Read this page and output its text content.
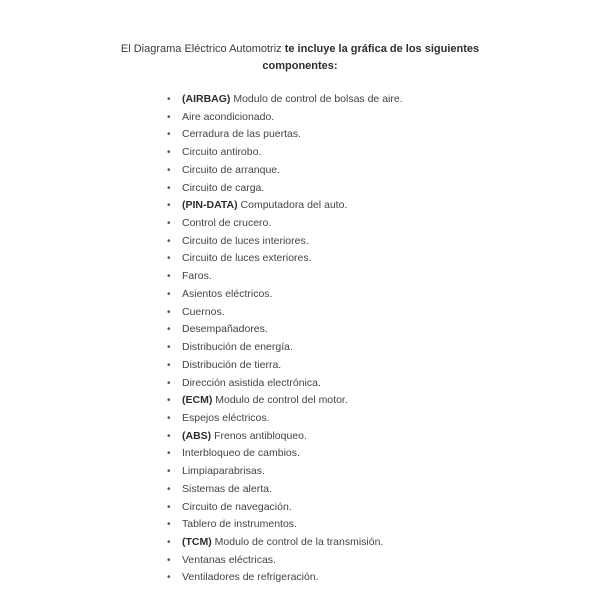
El Diagrama Eléctrico Automotriz te incluye la gráfica de los siguientes componentes:
• (AIRBAG) Modulo de control de bolsas de aire.
• Aire acondicionado.
• Cerradura de las puertas.
• Circuito antirobo.
• Circuito de arranque.
• Circuito de carga.
• (PIN-DATA) Computadora del auto.
• Control de crucero.
• Circuito de luces interiores.
• Circuito de luces exteriores.
• Faros.
• Asientos eléctricos.
• Cuernos.
• Desempañadores.
• Distribución de energía.
• Distribución de tierra.
• Dirección asistida electrónica.
• (ECM) Modulo de control del motor.
• Espejos eléctricos.
• (ABS) Frenos antibloqueo.
• Interbloqueo de cambios.
• Limpiaparabrisas.
• Sistemas de alerta.
• Circuito de navegación.
• Tablero de instrumentos.
• (TCM) Modulo de control de la transmisión.
• Ventanas eléctricas.
• Ventiladores de refrigeración.
